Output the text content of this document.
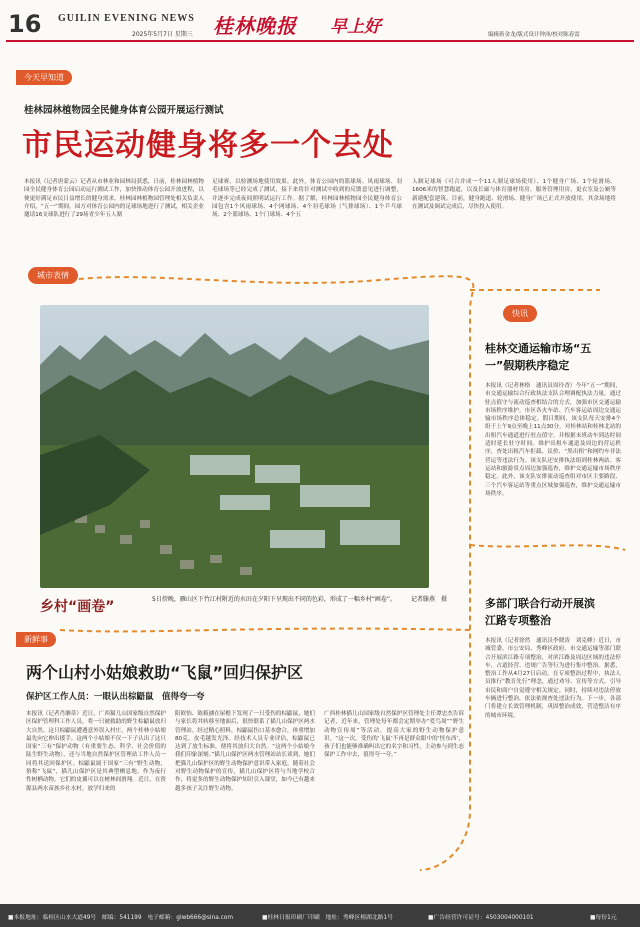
16 GUILIN EVENING NEWS
2025年5月7日 星期三 桂林晚报 早上好	编辑蒋金龙/版式设计钟沛/校对陈春雷
今天早知道
桂林园林植物园全民健身体育公园开展运行测试
市民运动健身将多一个去处
本报讯（记者唐蒙云）记者从市林业和园林局获悉，日前，桂林园林植物园全民健身体育公园启动运行测试工作，加快推动体育公园开放进程，以便更好满足市民日益增长的健身需求。桂林园林植物园管理处相关负责人介绍，“五一”期间，园方对体育公园内的足球场地进行了测试，相关企业邀请16支球队进行了29场青少年五人制
足球赛，以检测场地使用效果。此外，体育公园内的篮球场、风雨球场、羽毛球场等已经完成了测试，接下来将针对测试中收到的反馈意见进行调整，并逐步完成夜间照明试运行工作。据了解，桂林园林植物园全民健身体育公园包含1个风雨球场、4个网球场、4个羽毛球场（气排球场）、1个乒乓球场、2个篮球场、1个门球场、4个五
人制足球场（可合并成一个11人制足球场使用）、1个健身广场、1个轮滑场、1606米的智慧跑道，以及长廊与体育器材用房、服务管理用房、更衣室及公厕等新建配套建筑。目前，健身跑道、轮滑场、健身广场已正式开放使用，其余场地将在测试及调试完成后，尽快投入使用。
城市表情
快讯
乡村“画卷”	5日傍晚，雁山区下竹江村附近的水田在夕阳下呈现出不同的色彩，形成了一幅乡村“画卷”。 记者滕燕　摄
桂林交通运输市场“五一”假期秩序稳定
本报讯（记者林格　通讯员周玲香）今年“五一”期间，市交通运输综合行政执法支队合理调配执法力量，通过驻点值守与流动巡查相结合的方式，加强市区交通运输市场秩序维护。市区各火车站、汽车客运站周边交通运输市场秩序总体稳定。假日期间，该支队每天安排4个组于上午9点至晚上11点30分，对桂林站和桂林北站的出租汽车通道进行驻点值守，并根据末班动车到达时间适时延长驻守时间。维护出租车通道及周边的营运秩序，查处出租汽车拒载、议价、“黑出租”和网约车非法营运等违法行为。该支队还安排执法组到桂林两站、客运站和旅游景点周边加强巡查，维护交通运输市场秩序稳定。此外，该支队安排流动巡查组对市区主要路段、三个汽车客运站等重点区域加强巡查，维护交通运输市场秩序。
多部门联合行动开展滨江路专项整治
本报讯（记者徐然　通讯员李晓涛　刘克峰）近日，市城管委、市公安局、秀峰区政府、市交通运输等部门联合开展滨江路专项整治，对滨江路及周边区域的违法停车、占道经营、违规广告等行为进行集中整治。据悉，整治工作从4月27日启动，在专项整治过程中，执法人员推行“教育先行”理念，通过劝导、宣传等方式，引导市民和商户自觉遵守相关规定。同时，持续对违法停放车辆进行整治，依法依规查处违法行为。下一步，各部门将建立长效管理机制，巩固整治成效，营造整洁有序的城市环境。
新鲜事
两个山村小姑娘救助“飞鼠”回归保护区
保护区工作人员：一眼认出棕鼯鼠　值得夸一夸
本报讯（记者肖聃蒂）近日，广西猫儿山国家级自然保护区保护管理科工作人员，将一只被救助的野生棕鼯鼠放归大自然。这只棕鼯鼠遭遇意外误入村庄，两个桂林小姑娘最先向它伸出援手。这两个小姑娘不仅一下子认出了这只国家“三有”保护动物（有重要生态、科学、社会价值的陆生野生动物），还与当地自然保护区管理站工作人员一同将其送回保护区。棕鼯鼠属于国家“三有”野生动物，俗称“飞鼠”，猫儿山保护区是其典型栖息地。作为夜行性树栖动物，它们的皮翼可以在树林间滑翔。近日，在资源县两水苗族乡社水村，放学归来的
阳欧怡、陈筱涵在屋檐下发现了一只受伤的棕鼯鼠，她们与家长将其转移至地面后，很快联系了猫儿山保护区两水管理站。经过精心照料，棕鼯鼠伤口基本愈合，体重增加80克，皮毛越发光泽。经技术人员专业评估，棕鼯鼠已达到了放生标准，便将其放归大自然。“这两个小姑娘今我们印象深刻。”猫儿山保护区两水管理站站长谈到，她们把猫儿山保护区的野生动物保护意识带入家庭。随着社会对野生动物保护的宣传，猫儿山保护区将与当地学校合作，将更多的野生动物保护知识引入课堂，如今已有越来越多孩子关注野生动物。
广西桂林猫儿山国家级自然保护区管理处主任谭忠杰告诉记者，近年来，管理处每年都会定期举办“爱鸟周”“野生动物宣传周”等活动，提高大家的野生动物保护意识。“这一次，受伤的‘飞鼠’不再是群众眼中的‘怪东西’，孩子们也能够准确叫出它的名字和习性，主动参与到生态保护工作中去，值得夸一夸。”
■本报地址：临桂区山水大道49号　邮编：541199　电子邮箱：glwb666@sina.com	■桂林日报印刷厂印刷　地址：秀峰区榕湖北路1号	■广告经营许可证号：4503004000101	■每份1元
